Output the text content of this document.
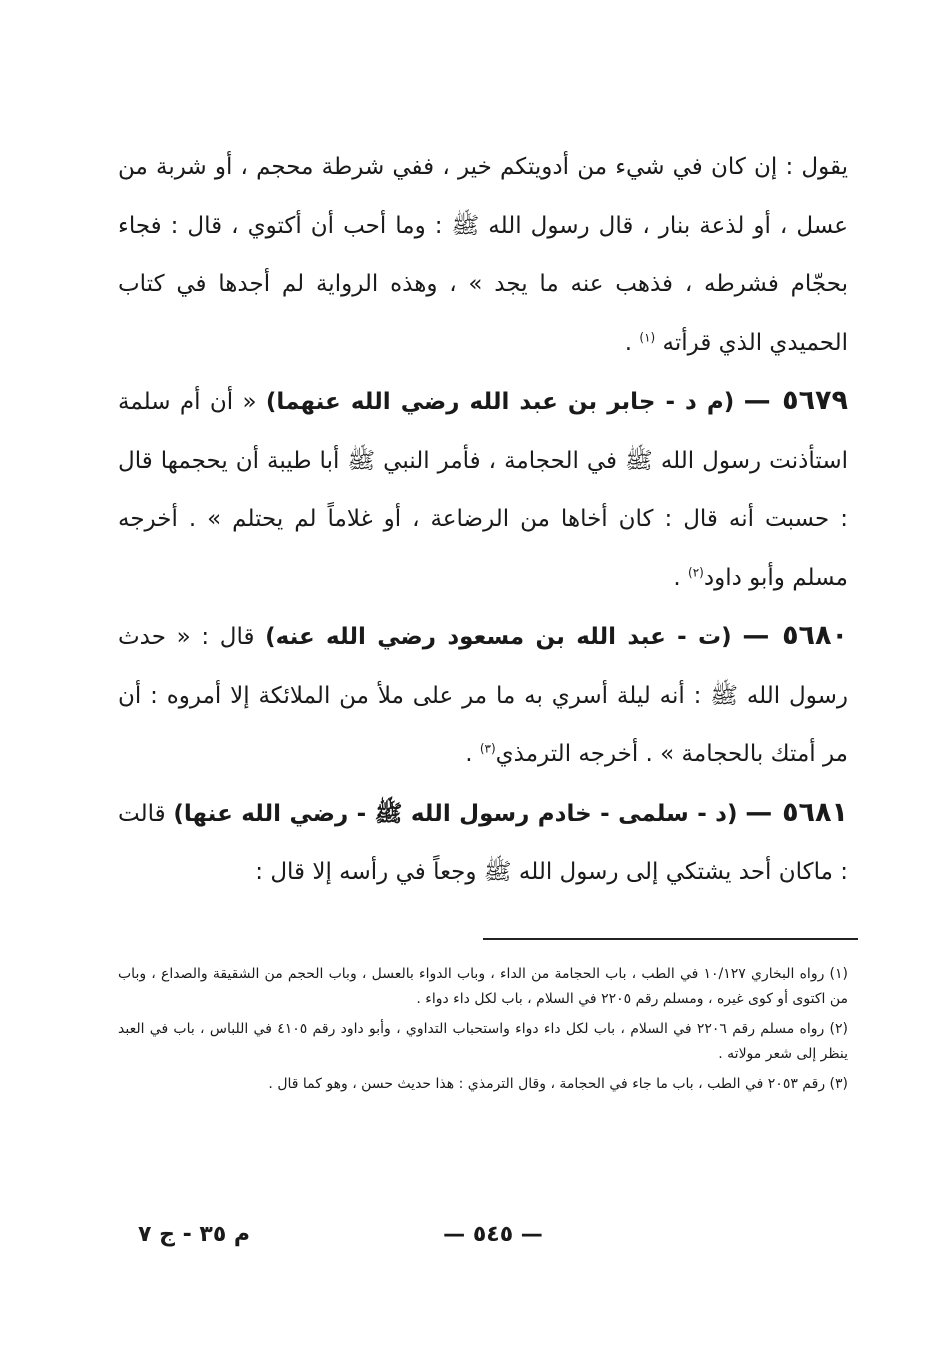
يقول : إن كان في شيء من أدويتكم خير ، ففي شرطة محجم ، أو شربة من عسل ، أو لذعة بنار ، قال رسول الله ﷺ : وما أحب أن أكتوي ، قال : فجاء بحجّام فشرطه ، فذهب عنه ما يجد » ، وهذه الرواية لم أجدها في كتاب الحميدي الذي قرأته $^{(١)}$ .

٥٦٧٩ — (م د - جابر بن عبد الله رضي الله عنهما) « أن أم سلمة استأذنت رسول الله ﷺ في الحجامة ، فأمر النبي ﷺ أبا طيبة أن يحجمها قال : حسبت أنه قال : كان أخاها من الرضاعة ، أو غلاماً لم يحتلم » . أخرجه مسلم وأبو داود$^{(٢)}$ .

٥٦٨٠ — (ت - عبد الله بن مسعود رضي الله عنه) قال : « حدث رسول الله ﷺ : أنه ليلة أسري به ما مر على ملأ من الملائكة إلا أمروه : أن مر أمتك بالحجامة » . أخرجه الترمذي$^{(٣)}$ .

٥٦٨١ — (د - سلمى - خادم رسول الله ﷺ - رضي الله عنها) قالت : ماكان أحد يشتكي إلى رسول الله ﷺ وجعاً في رأسه إلا قال :

(١) رواه البخاري ١٠/١٢٧ في الطب ، باب الحجامة من الداء ، وباب الدواء بالعسل ، وباب الحجم من الشقيقة والصداع ، وباب من اكتوى أو كوى غيره ، ومسلم رقم ٢٢٠٥ في السلام ، باب لكل داء دواء .

(٢) رواه مسلم رقم ٢٢٠٦ في السلام ، باب لكل داء دواء واستحباب التداوي ، وأبو داود رقم ٤١٠٥ في اللباس ، باب في العبد ينظر إلى شعر مولاته .

(٣) رقم ٢٠٥٣ في الطب ، باب ما جاء في الحجامة ، وقال الترمذي : هذا حديث حسن ، وهو كما قال .

— ٥٤٥ —
م ٣٥ - ج ٧
